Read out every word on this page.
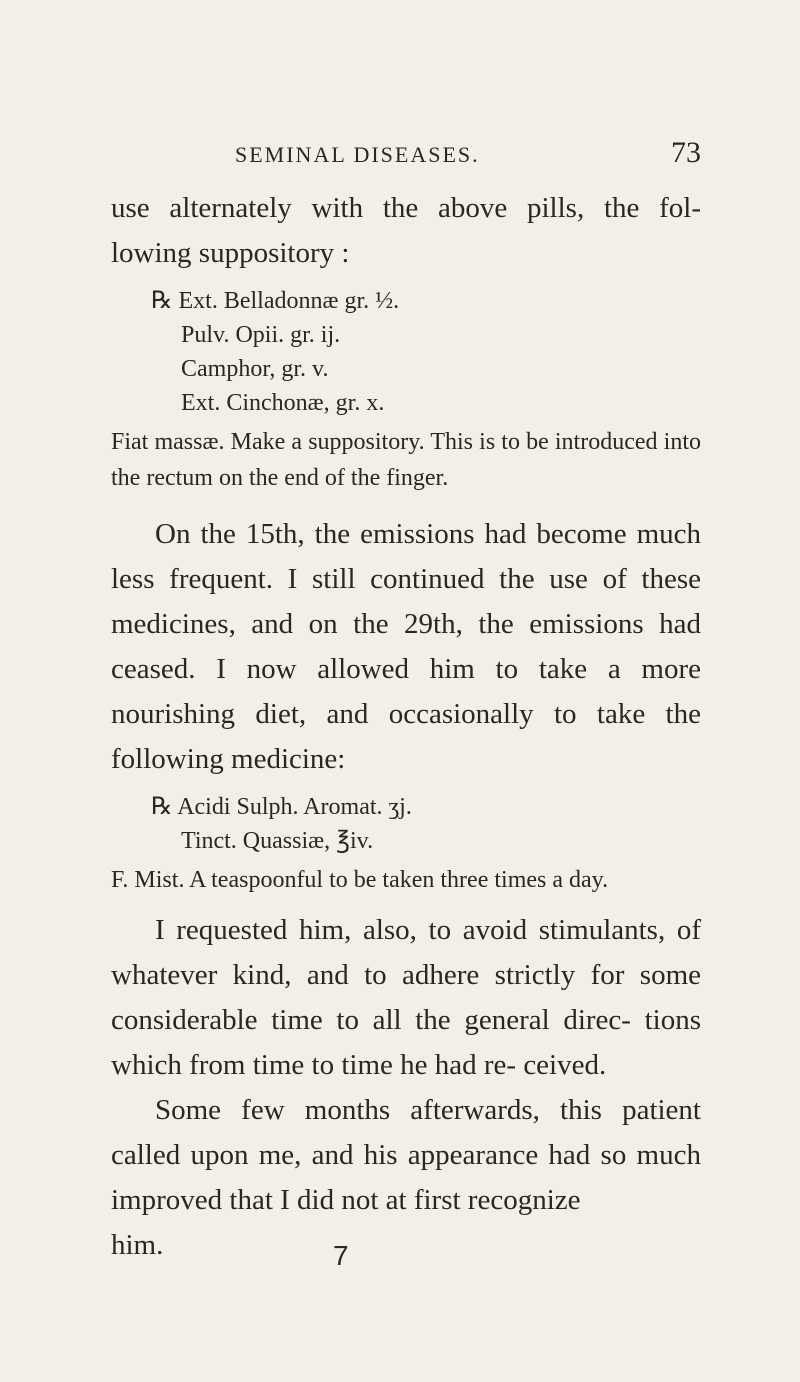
SEMINAL DISEASES.	73

use alternately with the above pills, the fol- lowing suppository :

℞ Ext. Belladonnæ gr. ½.
Pulv. Opii. gr. ij.
Camphor, gr. v.
Ext. Cinchonæ, gr. x.

Fiat massæ. Make a suppository. This is to be introduced into the rectum on the end of the finger.

On the 15th, the emissions had become much less frequent. I still continued the use of these medicines, and on the 29th, the emissions had ceased. I now allowed him to take a more nourishing diet, and occasionally to take the following medicine:

℞ Acidi Sulph. Aromat. ʒj.
Tinct. Quassiæ, ℥iv.

F. Mist. A teaspoonful to be taken three times a day.

I requested him, also, to avoid stimulants, of whatever kind, and to adhere strictly for some considerable time to all the general direc- tions which from time to time he had re- ceived.

Some few months afterwards, this patient called upon me, and his appearance had so much improved that I did not at first recognize

him.	7
